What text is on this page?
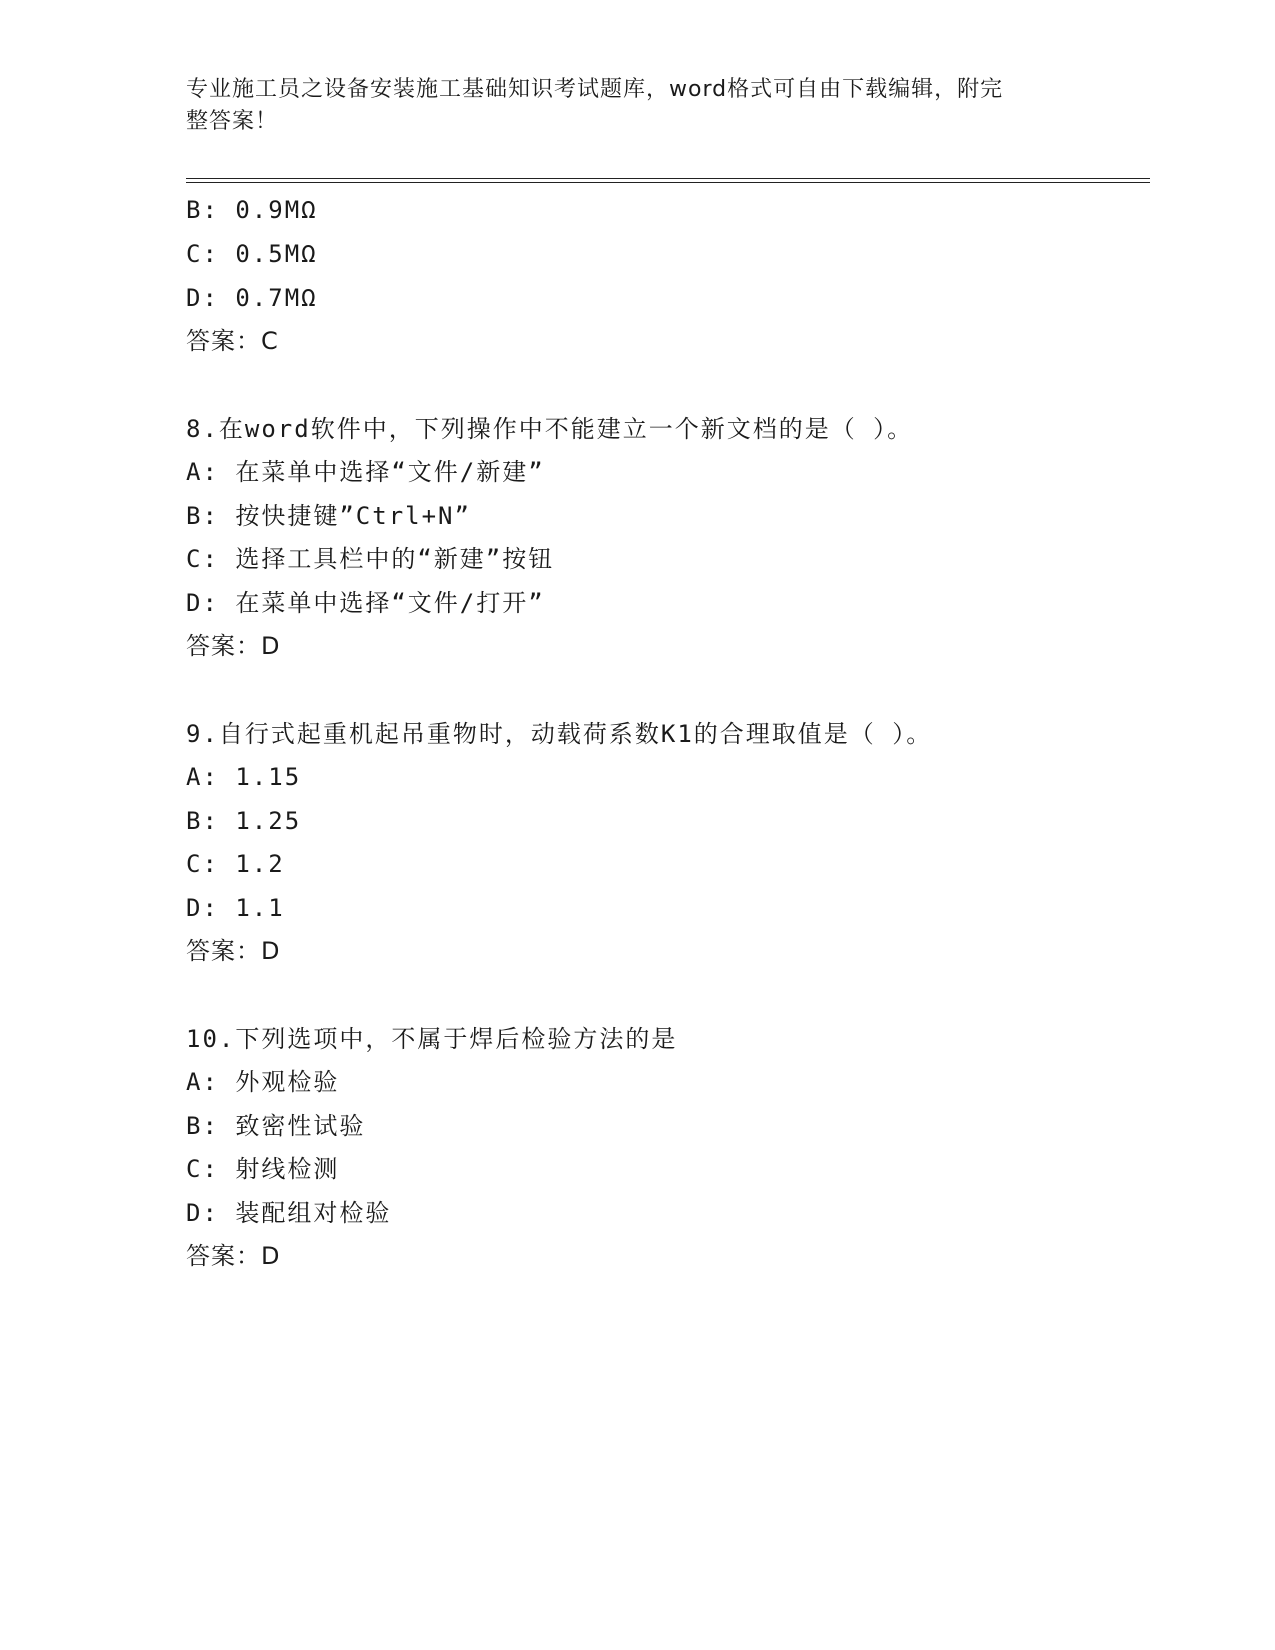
专业施工员之设备安装施工基础知识考试题库，word格式可自由下载编辑，附完
整答案！
B: 0.9MΩ
C: 0.5MΩ
D: 0.7MΩ
答案：C
8.在word软件中，下列操作中不能建立一个新文档的是（ ）。
A: 在菜单中选择“文件/新建”
B: 按快捷键”Ctrl+N”
C: 选择工具栏中的“新建”按钮
D: 在菜单中选择“文件/打开”
答案：D
9.自行式起重机起吊重物时，动载荷系数K1的合理取值是（ ）。
A: 1.15
B: 1.25
C: 1.2
D: 1.1
答案：D
10.下列选项中，不属于焊后检验方法的是
A: 外观检验
B: 致密性试验
C: 射线检测
D: 装配组对检验
答案：D
